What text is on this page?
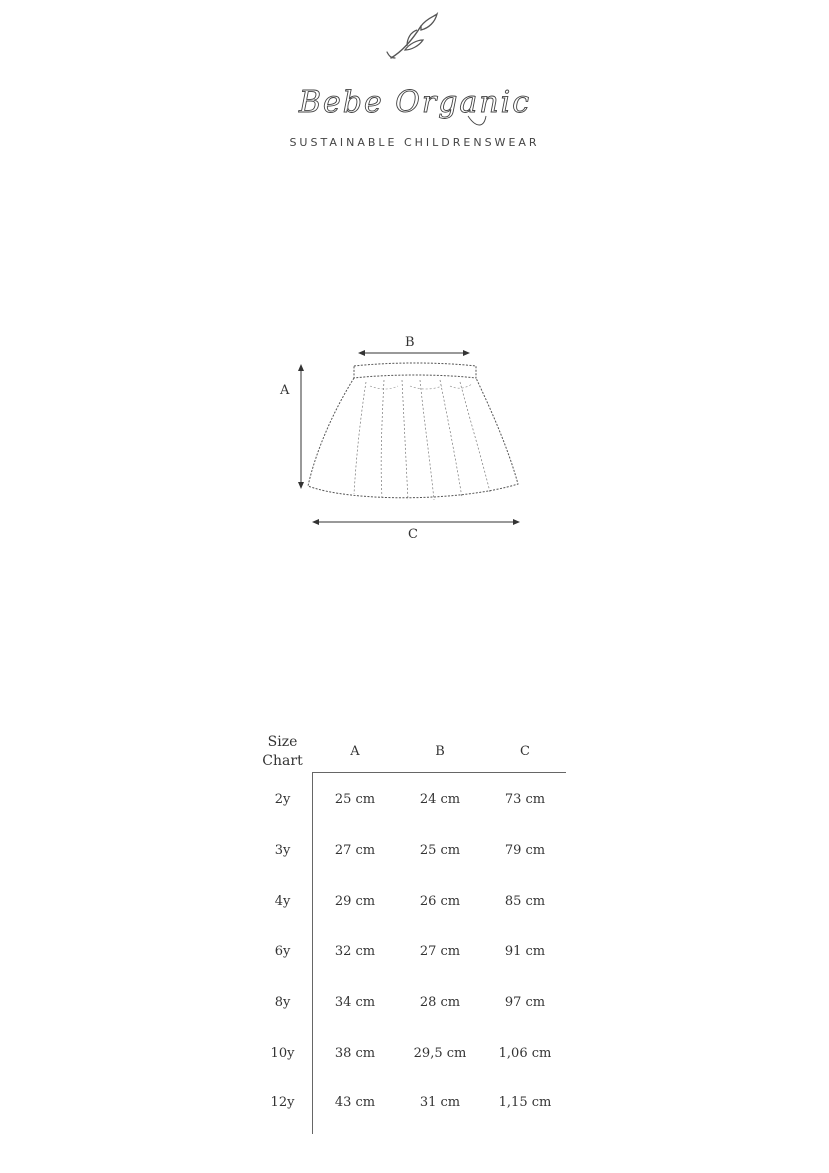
Bebe Organic
SUSTAINABLE CHILDRENSWEAR
B
A
C
Size
Chart
A	B	C
2y	25 cm	24 cm	73 cm
3y	27 cm	25 cm	79 cm
4y	29 cm	26 cm	85 cm
6y	32 cm	27 cm	91 cm
8y	34 cm	28 cm	97 cm
10y	38 cm	29,5 cm	1,06 cm
12y	43 cm	31 cm	1,15 cm
